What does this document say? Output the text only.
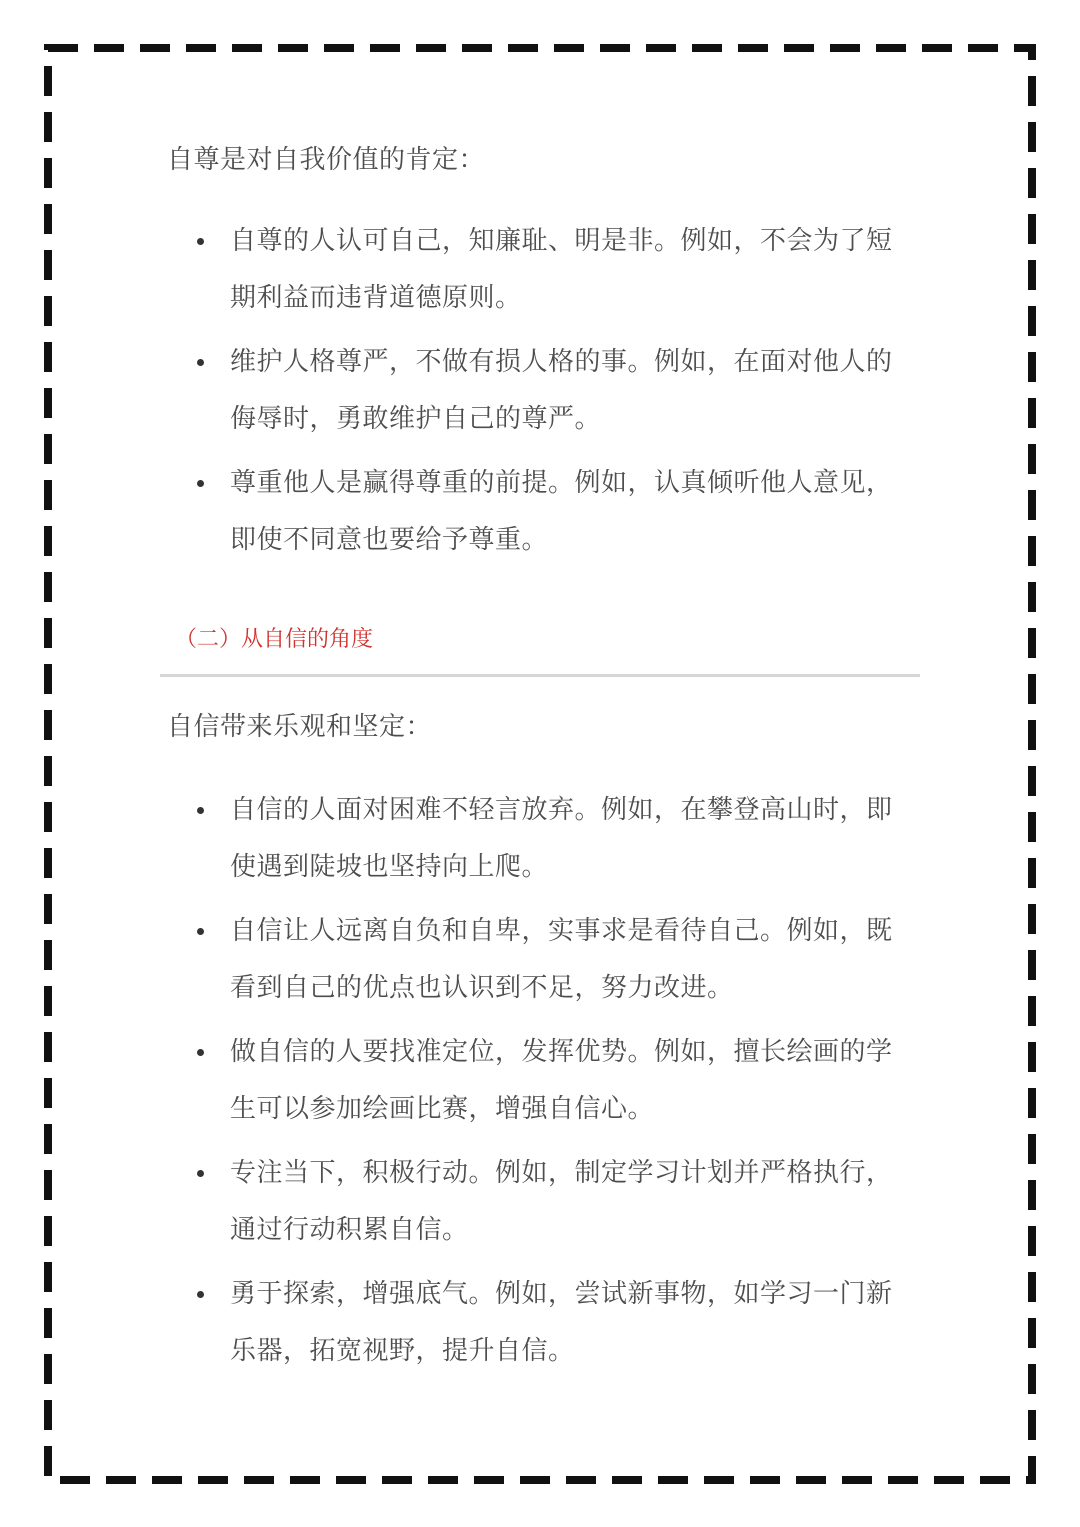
自尊是对自我价值的肯定：
自尊的人认可自己，知廉耻、明是非。例如，不会为了短期利益而违背道德原则。
维护人格尊严，不做有损人格的事。例如，在面对他人的侮辱时，勇敢维护自己的尊严。
尊重他人是赢得尊重的前提。例如，认真倾听他人意见，即使不同意也要给予尊重。
（二）从自信的角度
自信带来乐观和坚定：
自信的人面对困难不轻言放弃。例如，在攀登高山时，即使遇到陡坡也坚持向上爬。
自信让人远离自负和自卑，实事求是看待自己。例如，既看到自己的优点也认识到不足，努力改进。
做自信的人要找准定位，发挥优势。例如，擅长绘画的学生可以参加绘画比赛，增强自信心。
专注当下，积极行动。例如，制定学习计划并严格执行，通过行动积累自信。
勇于探索，增强底气。例如，尝试新事物，如学习一门新乐器，拓宽视野，提升自信。
